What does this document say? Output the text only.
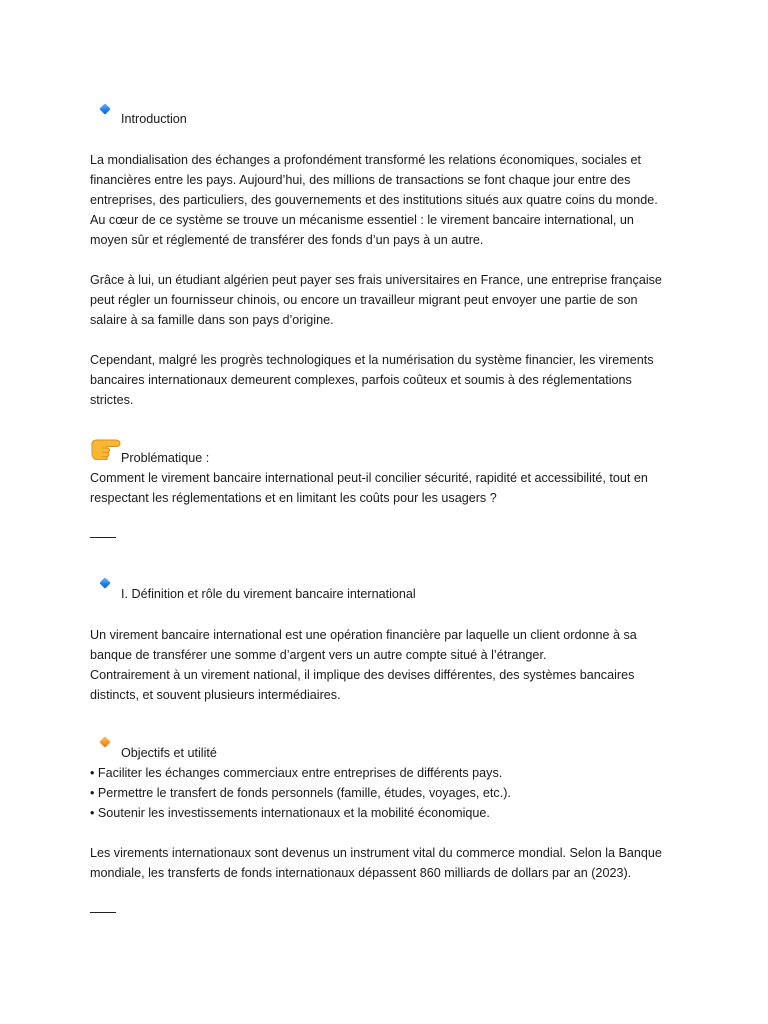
Introduction
La mondialisation des échanges a profondément transformé les relations économiques, sociales et
financières entre les pays. Aujourd’hui, des millions de transactions se font chaque jour entre des
entreprises, des particuliers, des gouvernements et des institutions situés aux quatre coins du monde.
Au cœur de ce système se trouve un mécanisme essentiel : le virement bancaire international, un
moyen sûr et réglementé de transférer des fonds d’un pays à un autre.
Grâce à lui, un étudiant algérien peut payer ses frais universitaires en France, une entreprise française
peut régler un fournisseur chinois, ou encore un travailleur migrant peut envoyer une partie de son
salaire à sa famille dans son pays d’origine.
Cependant, malgré les progrès technologiques et la numérisation du système financier, les virements
bancaires internationaux demeurent complexes, parfois coûteux et soumis à des réglementations
strictes.
Problématique :
Comment le virement bancaire international peut-il concilier sécurité, rapidité et accessibilité, tout en
respectant les réglementations et en limitant les coûts pour les usagers ?
I. Définition et rôle du virement bancaire international
Un virement bancaire international est une opération financière par laquelle un client ordonne à sa
banque de transférer une somme d’argent vers un autre compte situé à l’étranger.
Contrairement à un virement national, il implique des devises différentes, des systèmes bancaires
distincts, et souvent plusieurs intermédiaires.
Objectifs et utilité
• Faciliter les échanges commerciaux entre entreprises de différents pays.
• Permettre le transfert de fonds personnels (famille, études, voyages, etc.).
• Soutenir les investissements internationaux et la mobilité économique.
Les virements internationaux sont devenus un instrument vital du commerce mondial. Selon la Banque
mondiale, les transferts de fonds internationaux dépassent 860 milliards de dollars par an (2023).
